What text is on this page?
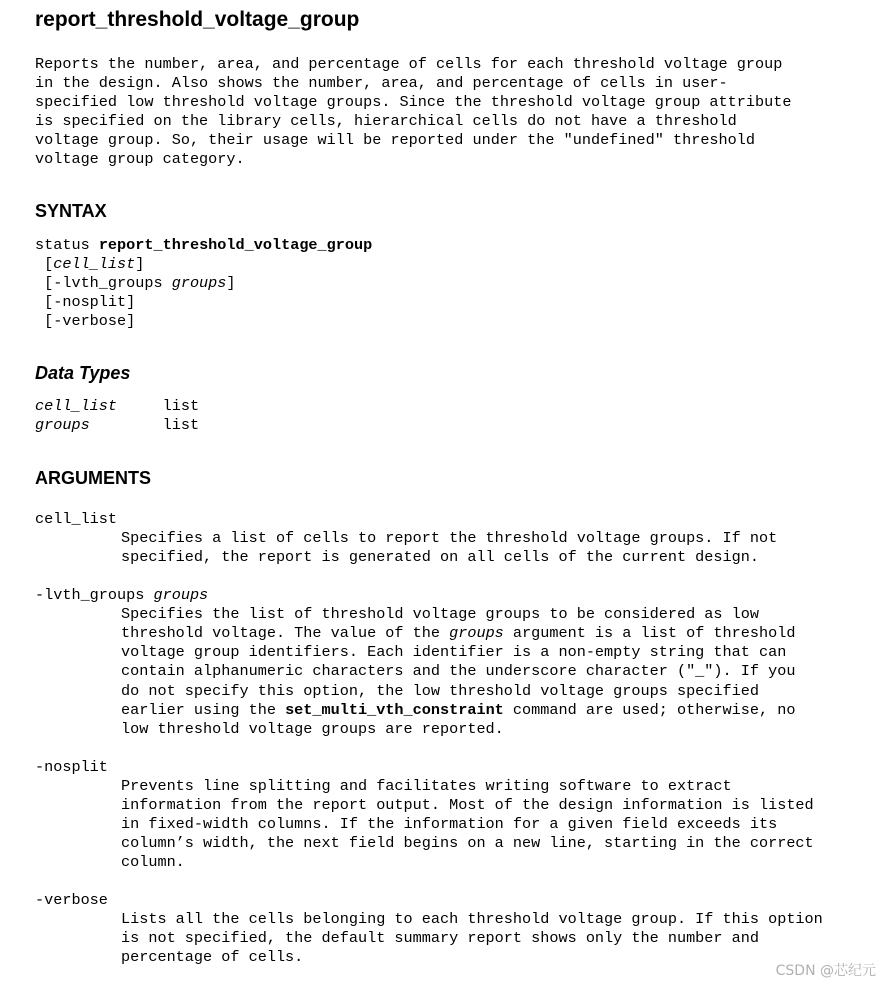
report_threshold_voltage_group
Reports the number, area, and percentage of cells for each threshold voltage group
in the design. Also shows the number, area, and percentage of cells in user-
specified low threshold voltage groups. Since the threshold voltage group attribute
is specified on the library cells, hierarchical cells do not have a threshold
voltage group. So, their usage will be reported under the "undefined" threshold
voltage group category.
SYNTAX
status report_threshold_voltage_group
[cell_list]
[-lvth_groups groups]
[-nosplit]
[-verbose]
Data Types
cell_list	list
groups	list
ARGUMENTS
cell_list
Specifies a list of cells to report the threshold voltage groups. If not
specified, the report is generated on all cells of the current design.
-lvth_groups groups
Specifies the list of threshold voltage groups to be considered as low
threshold voltage. The value of the groups argument is a list of threshold
voltage group identifiers. Each identifier is a non-empty string that can
contain alphanumeric characters and the underscore character ("_"). If you
do not specify this option, the low threshold voltage groups specified
earlier using the set_multi_vth_constraint command are used; otherwise, no
low threshold voltage groups are reported.
-nosplit
Prevents line splitting and facilitates writing software to extract
information from the report output. Most of the design information is listed
in fixed-width columns. If the information for a given field exceeds its
column’s width, the next field begins on a new line, starting in the correct
column.
-verbose
Lists all the cells belonging to each threshold voltage group. If this option
is not specified, the default summary report shows only the number and
percentage of cells.
CSDN @芯纪元
